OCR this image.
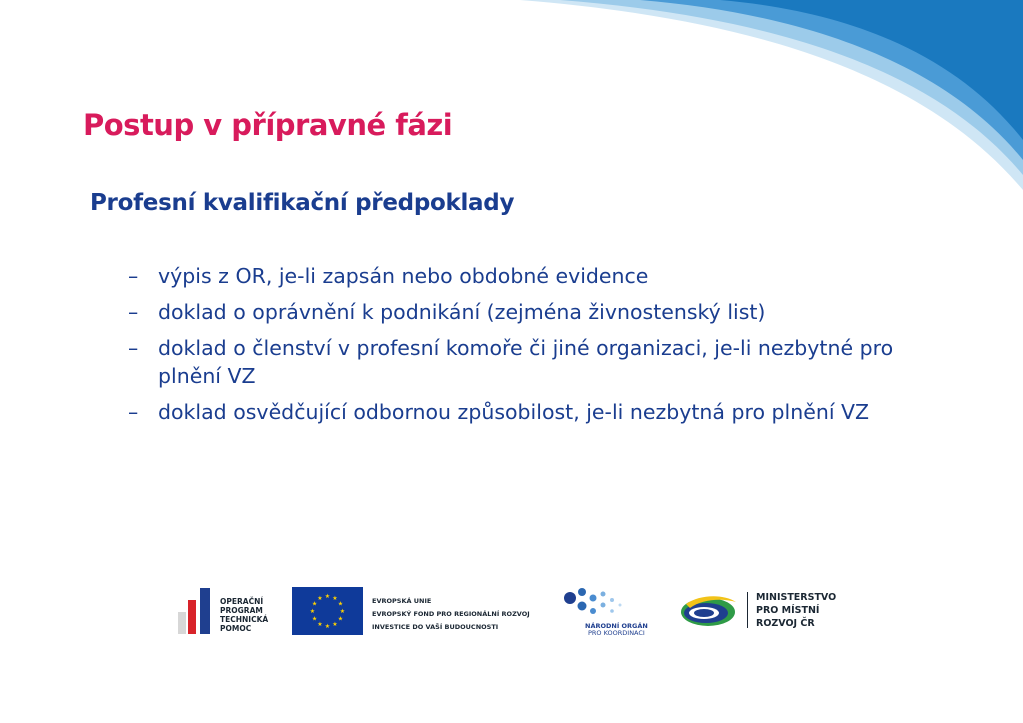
Postup v přípravné fázi
Profesní kvalifikační předpoklady
– výpis z OR, je-li zapsán nebo obdobné evidence
– doklad o oprávnění k podnikání (zejména živnostenský list)
– doklad o členství v profesní komoře či jiné organizaci, je-li nezbytné pro plnění VZ
– doklad osvědčující odbornou způsobilost, je-li nezbytná pro plnění VZ
OPERAČNÍ
PROGRAM
TECHNICKÁ
POMOC
★
★
★
★
★
★
★
★
★ ★ ★
★	EVROPSKÁ UNIE
EVROPSKÝ FOND PRO REGIONÁLNÍ ROZVOJ
INVESTICE DO VAŠÍ BUDOUCNOSTI	NÁRODNÍ ORGÁN
PRO KOORDINACI
MINISTERSTVO
PRO MÍSTNÍ
ROZVOJ ČR
